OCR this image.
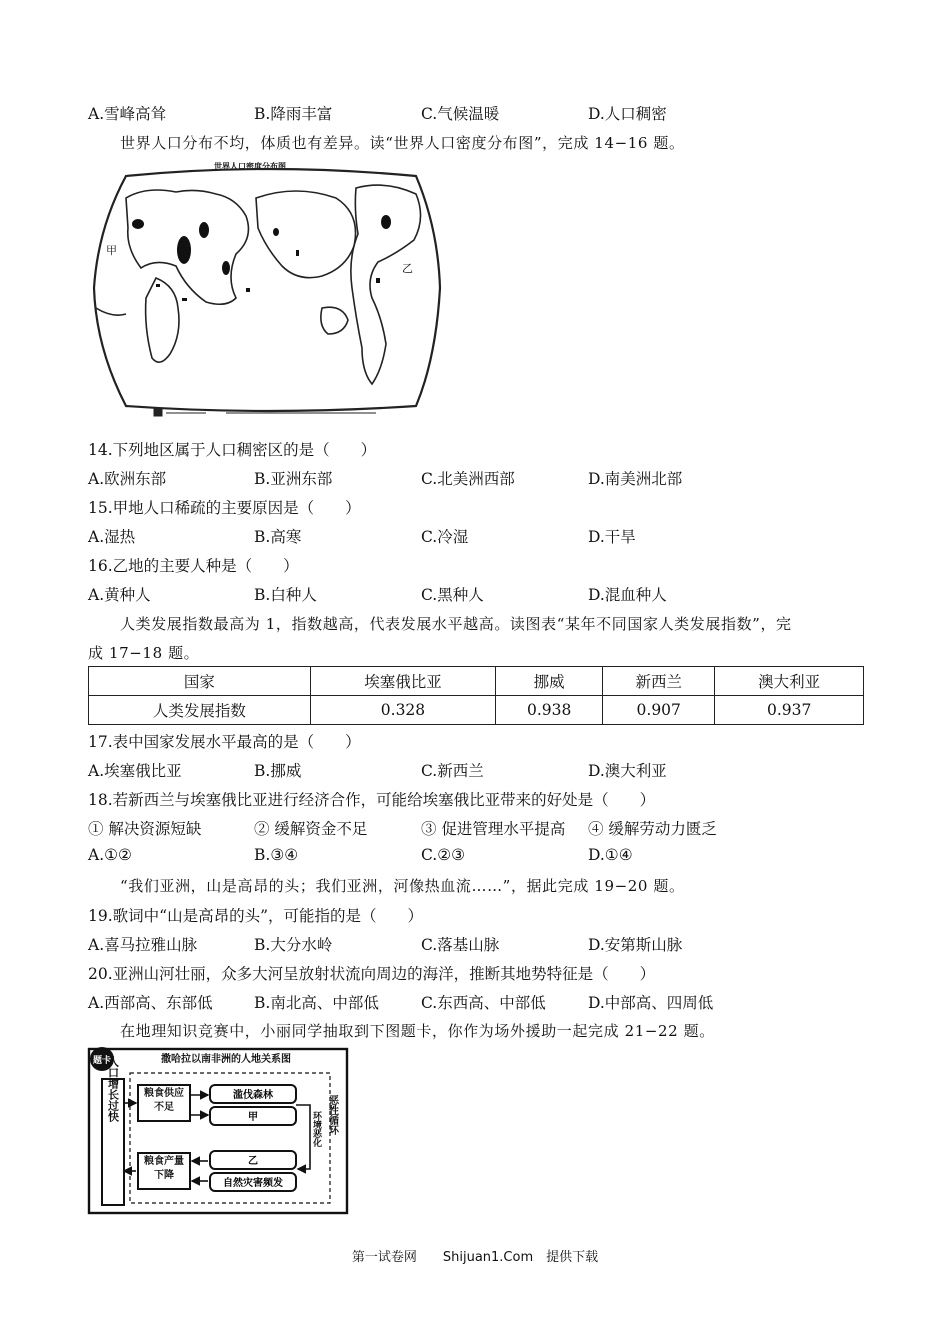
A.雪峰高耸	B.降雨丰富	C.气候温暖	D.人口稠密
世界人口分布不均，体质也有差异。读“世界人口密度分布图”，完成 14−16 题。
世界人口密度分布图
甲
乙
14.下列地区属于人口稠密区的是（　　）
A.欧洲东部	B.亚洲东部	C.北美洲西部	D.南美洲北部
15.甲地人口稀疏的主要原因是（　　）
A.湿热	B.高寒	C.冷湿	D.干旱
16.乙地的主要人种是（　　）
A.黄种人	B.白种人	C.黑种人	D.混血种人
人类发展指数最高为 1，指数越高，代表发展水平越高。读图表“某年不同国家人类发展指数”，完
成 17−18 题。
国家	埃塞俄比亚	挪威	新西兰	澳大利亚
人类发展指数	0.328	0.938	0.907	0.937
17.表中国家发展水平最高的是（　　）
A.埃塞俄比亚	B.挪威	C.新西兰	D.澳大利亚
18.若新西兰与埃塞俄比亚进行经济合作，可能给埃塞俄比亚带来的好处是（　　）
① 解决资源短缺	② 缓解资金不足	③ 促进管理水平提高 ④ 缓解劳动力匮乏
A.①②	B.③④	C.②③	D.①④
“我们亚洲，山是高昂的头；我们亚洲，河像热血流……”，据此完成 19−20 题。
19.歌词中“山是高昂的头”，可能指的是（　　）
A.喜马拉雅山脉	B.大分水岭	C.落基山脉	D.安第斯山脉
20.亚洲山河壮丽，众多大河呈放射状流向周边的海洋，推断其地势特征是（　　）
A.西部高、东部低	B.南北高、中部低	C.东西高、中部低	D.中部高、四周低
在地理知识竞赛中，小丽同学抽取到下图题卡，你作为场外援助一起完成 21−22 题。
题卡	撒哈拉以南非洲的人地关系图
人口增长过快	粮食供应不足
粮食产量下降
滥伐森林
甲
乙
自然灾害频发
环境恶化 恶性循环
第一试卷网　　Shijuan1.Com　提供下载
